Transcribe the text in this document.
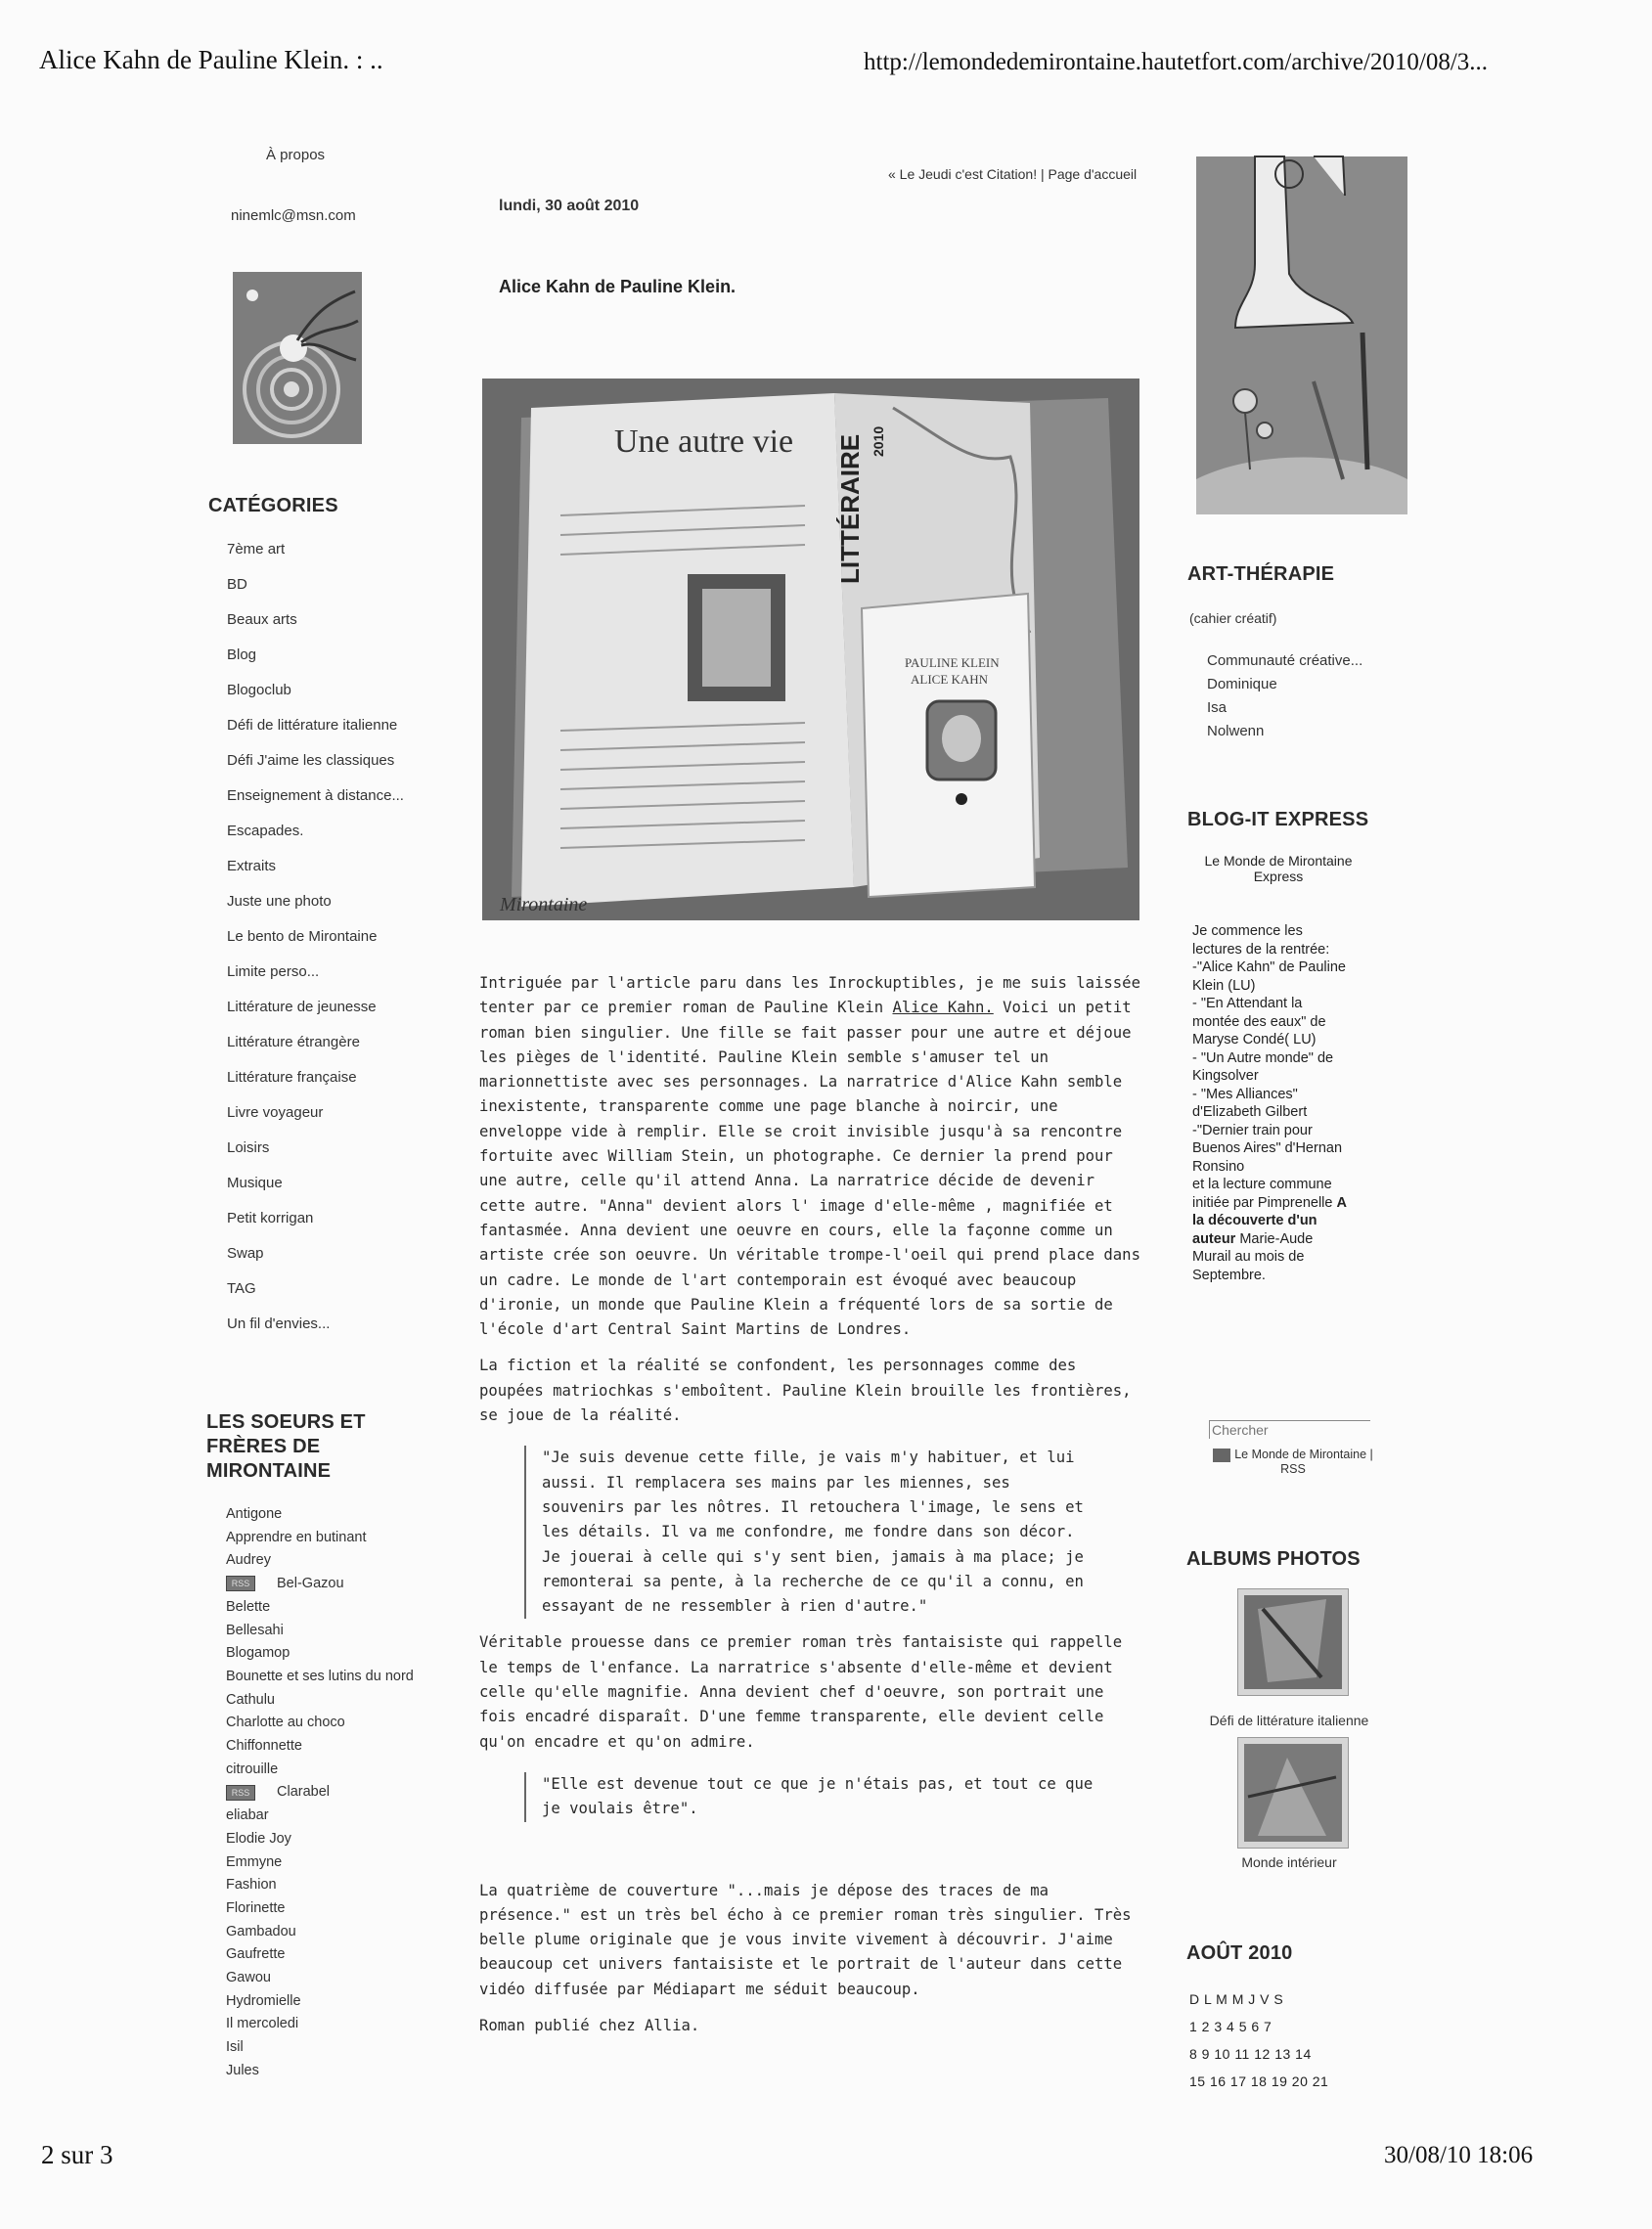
Alice Kahn de Pauline Klein. : ..	http://lemondedemirontaine.hautetfort.com/archive/2010/08/3...
2 sur 3	30/08/10 18:06
À propos
ninemlc@msn.com
CATÉGORIES
7ème art
BD
Beaux arts
Blog
Blogoclub
Défi de littérature italienne
Défi J'aime les classiques
Enseignement à distance...
Escapades.
Extraits
Juste une photo
Le bento de Mirontaine
Limite perso...
Littérature de jeunesse
Littérature étrangère
Littérature française
Livre voyageur
Loisirs
Musique
Petit korrigan
Swap
TAG
Un fil d'envies...
LES SOEURS ET FRÈRES DE MIRONTAINE
Antigone
Apprendre en butinant
Audrey
RSS Bel-Gazou
Belette
Bellesahi
Blogamop
Bounette et ses lutins du nord
Cathulu
Charlotte au choco
Chiffonnette
citrouille
RSS Clarabel
eliabar
Elodie Joy
Emmyne
Fashion
Florinette
Gambadou
Gaufrette
Gawou
Hydromielle
Il mercoledi
Isil
Jules
« Le Jeudi c'est Citation! | Page d'accueil
lundi, 30 août 2010
Alice Kahn de Pauline Klein.
Une autre vie LITTÉRAIRE 2010
PAULINE KLEIN
ALICE KAHN
Mirontaine

Intriguée par l'article paru dans les Inrockuptibles, je me suis laissée tenter par ce premier roman de Pauline Klein Alice Kahn. Voici un petit roman bien singulier. Une fille se fait passer pour une autre et déjoue les pièges de l'identité. Pauline Klein semble s'amuser tel un marionnettiste avec ses personnages. La narratrice d'Alice Kahn semble inexistente, transparente comme une page blanche à noircir, une enveloppe vide à remplir. Elle se croit invisible jusqu'à sa rencontre fortuite avec William Stein, un photographe. Ce dernier la prend pour une autre, celle qu'il attend Anna. La narratrice décide de devenir cette autre. "Anna" devient alors l' image d'elle-même , magnifiée et fantasmée. Anna devient une oeuvre en cours, elle la façonne comme un artiste crée son oeuvre. Un véritable trompe-l'oeil qui prend place dans un cadre. Le monde de l'art contemporain est évoqué avec beaucoup d'ironie, un monde que Pauline Klein a fréquenté lors de sa sortie de l'école d'art Central Saint Martins de Londres.

La fiction et la réalité se confondent, les personnages comme des poupées matriochkas s'emboîtent. Pauline Klein brouille les frontières, se joue de la réalité.

"Je suis devenue cette fille, je vais m'y habituer, et lui aussi. Il remplacera ses mains par les miennes, ses souvenirs par les nôtres. Il retouchera l'image, le sens et les détails. Il va me confondre, me fondre dans son décor. Je jouerai à celle qui s'y sent bien, jamais à ma place; je remonterai sa pente, à la recherche de ce qu'il a connu, en essayant de ne ressembler à rien d'autre."

Véritable prouesse dans ce premier roman très fantaisiste qui rappelle le temps de l'enfance. La narratrice s'absente d'elle-même et devient celle qu'elle magnifie. Anna devient chef d'oeuvre, son portrait une fois encadré disparaît. D'une femme transparente, elle devient celle qu'on encadre et qu'on admire.

"Elle est devenue tout ce que je n'étais pas, et tout ce que je voulais être".

La quatrième de couverture "...mais je dépose des traces de ma présence." est un très bel écho à ce premier roman très singulier. Très belle plume originale que je vous invite vivement à découvrir. J'aime beaucoup cet univers fantaisiste et le portrait de l'auteur dans cette vidéo diffusée par Médiapart me séduit beaucoup.

Roman publié chez Allia.

ART-THÉRAPIE
(cahier créatif)
Communauté créative...
Dominique
Isa
Nolwenn
BLOG-IT EXPRESS
Le Monde de Mirontaine Express

Je commence les lectures de la rentrée:

-"Alice Kahn" de Pauline Klein (LU)

- "En Attendant la montée des eaux" de Maryse Condé( LU)

- "Un Autre monde" de Kingsolver

- "Mes Alliances" d'Elizabeth Gilbert

-"Dernier train pour Buenos Aires" d'Hernan Ronsino

et la lecture commune initiée par Pimprenelle A la découverte d'un auteur Marie-Aude Murail au mois de Septembre.

Chercher
Le Monde de Mirontaine | RSS
ALBUMS PHOTOS
Défi de littérature italienne
Monde intérieur
AOÛT 2010
D L M M J V S
1 2 3 4 5 6 7
8 9 10 11 12 13 14
15 16 17 18 19 20 21
